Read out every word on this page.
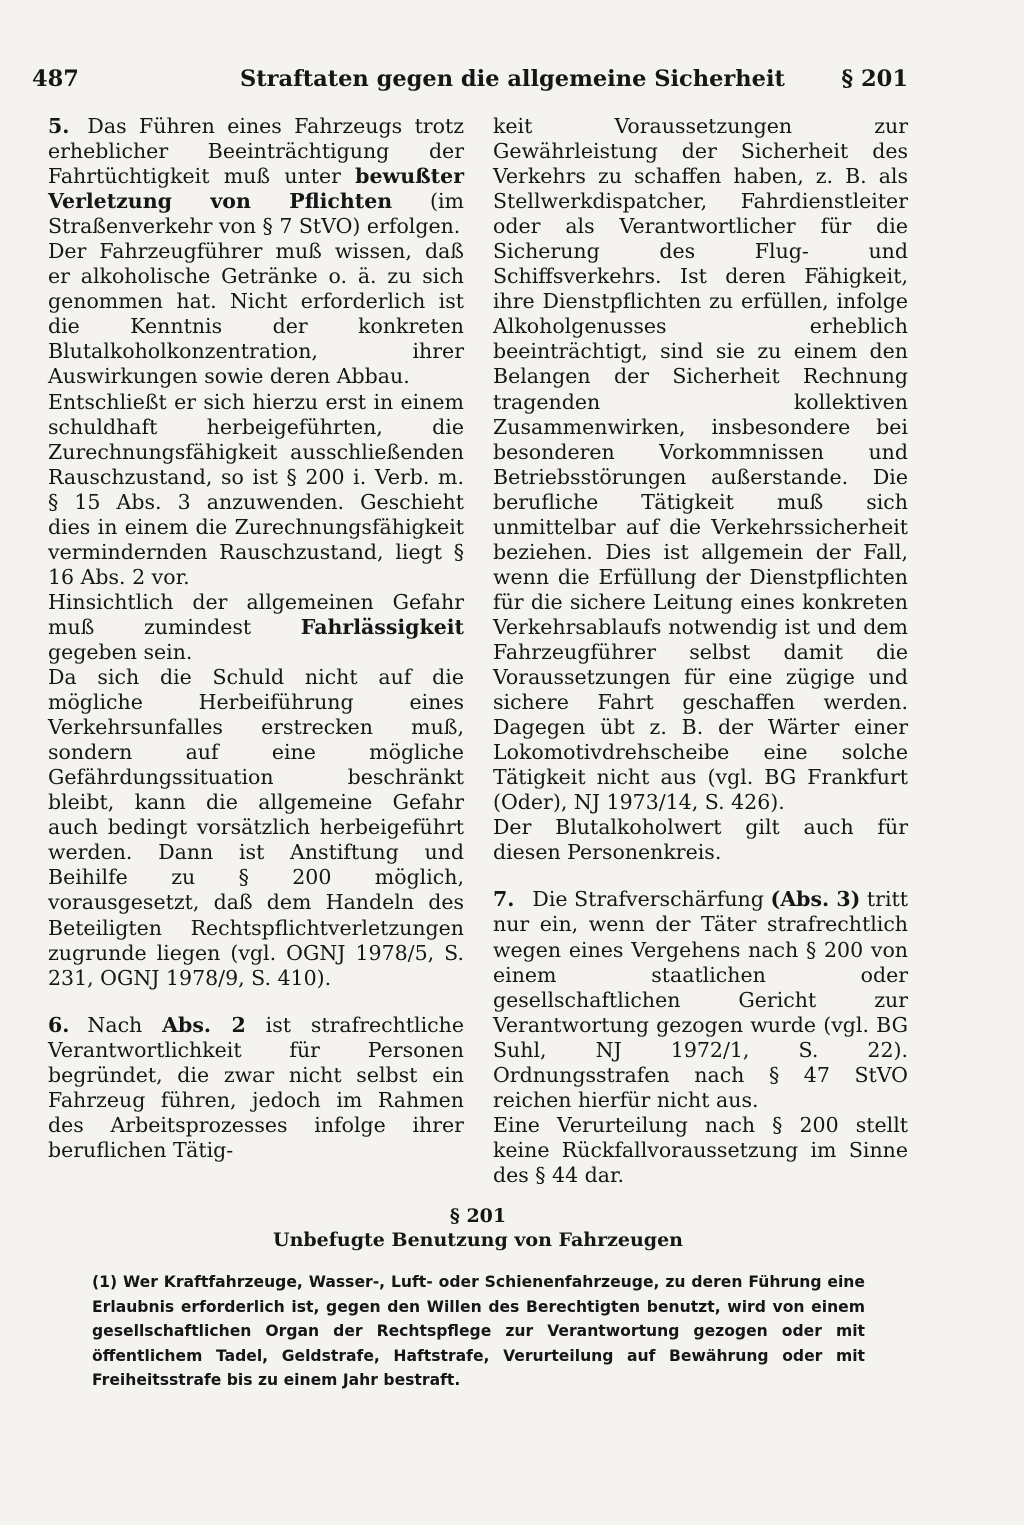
487	Straftaten gegen die allgemeine Sicherheit	§ 201

5. Das Führen eines Fahrzeugs trotz erheblicher Beeinträchtigung der Fahrtüchtigkeit muß unter bewußter Verletzung von Pflichten (im Straßenverkehr von § 7 StVO) erfolgen.

Der Fahrzeugführer muß wissen, daß er alkoholische Getränke o. ä. zu sich genommen hat. Nicht erforderlich ist die Kenntnis der konkreten Blutalkoholkonzentration, ihrer Auswirkungen sowie deren Abbau.

Entschließt er sich hierzu erst in einem schuldhaft herbeigeführten, die Zurechnungsfähigkeit ausschließenden Rauschzustand, so ist § 200 i. Verb. m. § 15 Abs. 3 anzuwenden. Geschieht dies in einem die Zurechnungsfähigkeit vermindernden Rauschzustand, liegt § 16 Abs. 2 vor.

Hinsichtlich der allgemeinen Gefahr muß zumindest Fahrlässigkeit gegeben sein.

Da sich die Schuld nicht auf die mögliche Herbeiführung eines Verkehrsunfalles erstrecken muß, sondern auf eine mögliche Gefährdungssituation beschränkt bleibt, kann die allgemeine Gefahr auch bedingt vorsätzlich herbeigeführt werden. Dann ist Anstiftung und Beihilfe zu § 200 möglich, vorausgesetzt, daß dem Handeln des Beteiligten Rechtspflichtverletzungen zugrunde liegen (vgl. OGNJ 1978/5, S. 231, OGNJ 1978/9, S. 410).

6. Nach Abs. 2 ist strafrechtliche Verantwortlichkeit für Personen begründet, die zwar nicht selbst ein Fahrzeug führen, jedoch im Rahmen des Arbeitsprozesses infolge ihrer beruflichen Tätig-

keit Voraussetzungen zur Gewährleistung der Sicherheit des Verkehrs zu schaffen haben, z. B. als Stellwerkdispatcher, Fahrdienstleiter oder als Verantwortlicher für die Sicherung des Flug- und Schiffsverkehrs. Ist deren Fähigkeit, ihre Dienstpflichten zu erfüllen, infolge Alkoholgenusses erheblich beeinträchtigt, sind sie zu einem den Belangen der Sicherheit Rechnung tragenden kollektiven Zusammenwirken, insbesondere bei besonderen Vorkommnissen und Betriebsstörungen außerstande. Die berufliche Tätigkeit muß sich unmittelbar auf die Verkehrssicherheit beziehen. Dies ist allgemein der Fall, wenn die Erfüllung der Dienstpflichten für die sichere Leitung eines konkreten Verkehrsablaufs notwendig ist und dem Fahrzeugführer selbst damit die Voraussetzungen für eine zügige und sichere Fahrt geschaffen werden. Dagegen übt z. B. der Wärter einer Lokomotivdrehscheibe eine solche Tätigkeit nicht aus (vgl. BG Frankfurt (Oder), NJ 1973/14, S. 426).

Der Blutalkoholwert gilt auch für diesen Personenkreis.

7. Die Strafverschärfung (Abs. 3) tritt nur ein, wenn der Täter strafrechtlich wegen eines Vergehens nach § 200 von einem staatlichen oder gesellschaftlichen Gericht zur Verantwortung gezogen wurde (vgl. BG Suhl, NJ 1972/1, S. 22). Ordnungsstrafen nach § 47 StVO reichen hierfür nicht aus.

Eine Verurteilung nach § 200 stellt keine Rückfallvoraussetzung im Sinne des § 44 dar.

§ 201
Unbefugte Benutzung von Fahrzeugen

(1) Wer Kraftfahrzeuge, Wasser-, Luft- oder Schienenfahrzeuge, zu deren Führung eine Erlaubnis erforderlich ist, gegen den Willen des Berechtigten benutzt, wird von einem gesellschaftlichen Organ der Rechtspflege zur Verantwortung gezogen oder mit öffentlichem Tadel, Geldstrafe, Haftstrafe, Verurteilung auf Bewährung oder mit Freiheitsstrafe bis zu einem Jahr bestraft.
